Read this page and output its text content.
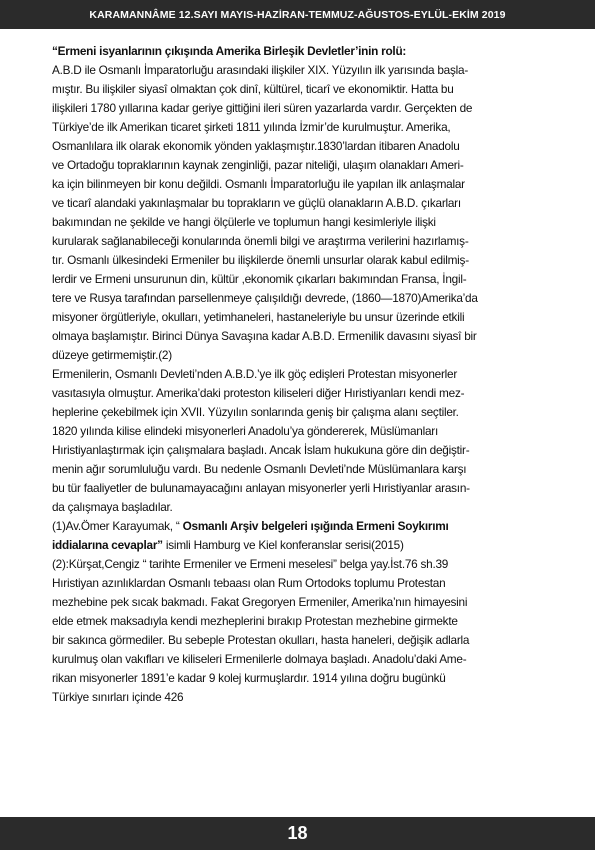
KARAMANNÂME 12.SAYI MAYIS-HAZİRAN-TEMMUZ-AĞUSTOS-EYLÜL-EKİM 2019

“Ermeni isyanlarının çıkışında Amerika Birleşik Devletler’inin rolü:

A.B.D ile Osmanlı İmparatorluğu arasındaki ilişkiler XIX. Yüzyılın ilk yarısında başla-

mıştır. Bu ilişkiler siyasî olmaktan çok dinî, kültürel, ticarî ve ekonomiktir. Hatta bu

ilişkileri 1780 yıllarına kadar geriye gittiğini ileri süren yazarlarda vardır. Gerçekten de

Türkiye’de ilk Amerikan ticaret şirketi 1811 yılında İzmir’de kurulmuştur. Amerika,

Osmanlılara ilk olarak ekonomik yönden yaklaşmıştır.1830’lardan itibaren Anadolu

ve Ortadoğu topraklarının kaynak zenginliği, pazar niteliği, ulaşım olanakları Ameri-

ka için bilinmeyen bir konu değildi. Osmanlı İmparatorluğu ile yapılan ilk anlaşmalar

ve ticarî alandaki yakınlaşmalar bu toprakların ve güçlü olanakların A.B.D. çıkarları

bakımından ne şekilde ve hangi ölçülerle ve toplumun hangi kesimleriyle ilişki

kurularak sağlanabileceği konularında önemli bilgi ve araştırma verilerini hazırlamış-

tır. Osmanlı ülkesindeki Ermeniler bu ilişkilerde önemli unsurlar olarak kabul edilmiş-

lerdir ve Ermeni unsurunun din, kültür ,ekonomik çıkarları bakımından Fransa, İngil-

tere ve Rusya tarafından parsellenmeye çalışıldığı devrede, (1860—1870)Amerika’da

misyoner örgütleriyle, okulları, yetimhaneleri, hastaneleriyle bu unsur üzerinde etkili

olmaya başlamıştır. Birinci Dünya Savaşına kadar A.B.D. Ermenilik davasını siyasî bir

düzeye getirmemiştir.(2)

Ermenilerin, Osmanlı Devleti’nden A.B.D.’ye ilk göç edişleri Protestan misyonerler

vasıtasıyla olmuştur. Amerika’daki proteston kiliseleri diğer Hıristiyanları kendi mez-

heplerine çekebilmek için XVII. Yüzyılın sonlarında geniş bir çalışma alanı seçtiler.

1820 yılında kilise elindeki misyonerleri Anadolu’ya göndererek, Müslümanları

Hıristiyanlaştırmak için çalışmalara başladı. Ancak İslam hukukuna göre din değiştir-

menin ağır sorumluluğu vardı. Bu nedenle Osmanlı Devleti’nde Müslümanlara karşı

bu tür faaliyetler de bulunamayacağını anlayan misyonerler yerli Hıristiyanlar arasın-

da çalışmaya başladılar.

(1)Av.Ömer Karayumak, “ Osmanlı Arşiv belgeleri ışığında Ermeni Soykırımı

iddialarına cevaplar” isimli Hamburg ve Kiel konferanslar serisi(2015)

(2):Kürşat,Cengiz “ tarihte Ermeniler ve Ermeni meselesi” belga yay.İst.76 sh.39

Hıristiyan azınlıklardan Osmanlı tebaası olan Rum Ortodoks toplumu Protestan

mezhebine pek sıcak bakmadı. Fakat Gregoryen Ermeniler, Amerika’nın himayesini

elde etmek maksadıyla kendi mezheplerini bırakıp Protestan mezhebine girmekte

bir sakınca görmediler. Bu sebeple Protestan okulları, hasta haneleri, değişik adlarla

kurulmuş olan vakıfları ve kiliseleri Ermenilerle dolmaya başladı. Anadolu’daki Ame-

rikan misyonerler 1891’e kadar 9 kolej kurmuşlardır. 1914 yılına doğru bugünkü

Türkiye sınırları içinde 426

18
